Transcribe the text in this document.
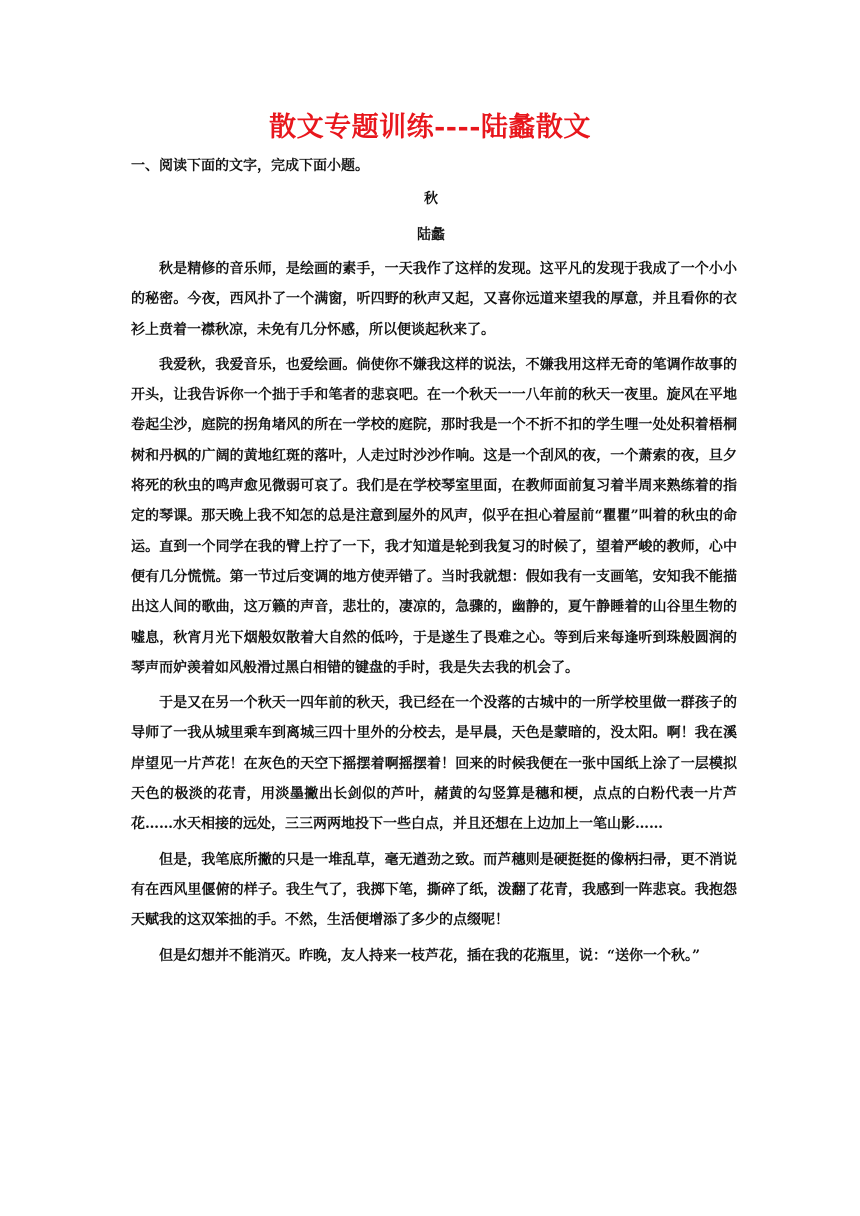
散文专题训练----陆蠡散文
一、阅读下面的文字，完成下面小题。
秋
陆蠡

秋是精修的音乐师，是绘画的素手，一天我作了这样的发现。这平凡的发现于我成了一个小小的秘密。今夜，西风扑了一个满窗，听四野的秋声又起，又喜你远道来望我的厚意，并且看你的衣衫上贲着一襟秋凉，未免有几分怀感，所以便谈起秋来了。

我爱秋，我爱音乐，也爱绘画。倘使你不嫌我这样的说法，不嫌我用这样无奇的笔调作故事的开头，让我告诉你一个拙于手和笔者的悲哀吧。在一个秋天一一八年前的秋天一夜里。旋风在平地卷起尘沙，庭院的拐角堵风的所在一学校的庭院，那时我是一个不折不扣的学生哩一处处积着梧桐树和丹枫的广阔的黄地红斑的落叶，人走过时沙沙作响。这是一个刮风的夜，一个萧索的夜，旦夕将死的秋虫的鸣声愈见微弱可哀了。我们是在学校琴室里面，在教师面前复习着半周来熟练着的指定的琴课。那天晚上我不知怎的总是注意到屋外的风声，似乎在担心着屋前“瞿瞿”叫着的秋虫的命运。直到一个同学在我的臂上拧了一下，我才知道是轮到我复习的时候了，望着严峻的教师，心中便有几分慌慌。第一节过后变调的地方使弄错了。当时我就想：假如我有一支画笔，安知我不能描出这人间的歌曲，这万籁的声音，悲壮的，凄凉的，急骤的，幽静的，夏午静睡着的山谷里生物的嘘息，秋宵月光下烟般奴散着大自然的低吟，于是遂生了畏难之心。等到后来每逢听到珠般圆润的琴声而妒羡着如风般滑过黑白相错的键盘的手时，我是失去我的机会了。

于是又在另一个秋天一四年前的秋天，我已经在一个没落的古城中的一所学校里做一群孩子的导师了一我从城里乘车到离城三四十里外的分校去，是早晨，天色是蒙暗的，没太阳。啊！我在溪岸望见一片芦花！在灰色的天空下摇摆着啊摇摆着！回来的时候我便在一张中国纸上涂了一层模拟天色的极淡的花青，用淡墨撇出长剑似的芦叶，赭黄的勾竖算是穗和梗，点点的白粉代表一片芦花……水天相接的远处，三三两两地投下一些白点，并且还想在上边加上一笔山影……

但是，我笔底所撇的只是一堆乱草，毫无遒劲之致。而芦穗则是硬挺挺的像柄扫帚，更不消说有在西风里偃俯的样子。我生气了，我掷下笔，撕碎了纸，泼翻了花青，我感到一阵悲哀。我抱怨天赋我的这双笨拙的手。不然，生活便增添了多少的点缀呢！

但是幻想并不能消灭。昨晚，友人持来一枝芦花，插在我的花瓶里，说：“送你一个秋。”
